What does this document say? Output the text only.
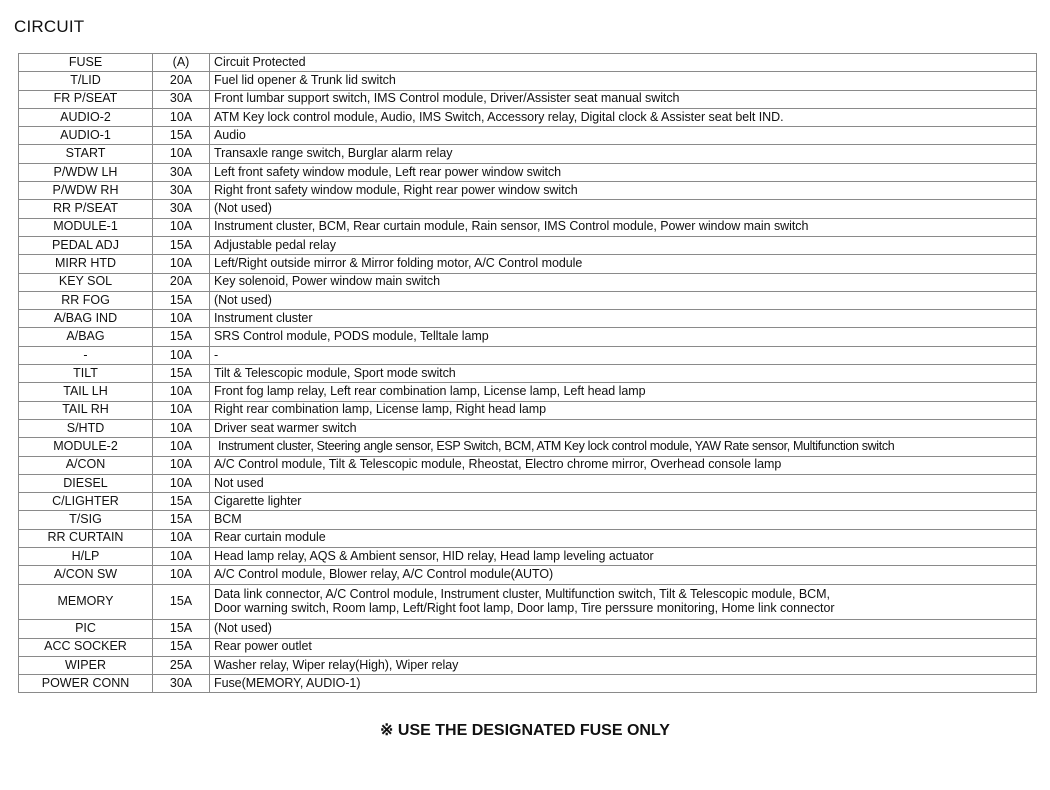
CIRCUIT
FUSE	(A)	Circuit Protected
T/LID	20A	Fuel lid opener & Trunk lid switch
FR P/SEAT	30A	Front lumbar support switch, IMS Control module, Driver/Assister seat manual switch
AUDIO-2	10A	ATM Key lock control module, Audio, IMS Switch, Accessory relay, Digital clock & Assister seat belt IND.
AUDIO-1	15A	Audio
START	10A	Transaxle range switch, Burglar alarm relay
P/WDW LH	30A	Left front safety window module, Left rear power window switch
P/WDW RH	30A	Right front safety window module, Right rear power window switch
RR P/SEAT	30A	(Not used)
MODULE-1	10A	Instrument cluster, BCM, Rear curtain module, Rain sensor, IMS Control module, Power window main switch
PEDAL ADJ	15A	Adjustable pedal relay
MIRR HTD	10A	Left/Right outside mirror & Mirror folding motor, A/C Control module
KEY SOL	20A	Key solenoid, Power window main switch
RR FOG	15A	(Not used)
A/BAG IND	10A	Instrument cluster
A/BAG	15A	SRS Control module, PODS module, Telltale lamp
-	10A	-
TILT	15A	Tilt & Telescopic module, Sport mode switch
TAIL LH	10A	Front fog lamp relay, Left rear combination lamp, License lamp, Left head lamp
TAIL RH	10A	Right rear combination lamp, License lamp, Right head lamp
S/HTD	10A	Driver seat warmer switch
MODULE-2	10A	Instrument cluster, Steering angle sensor, ESP Switch, BCM, ATM Key lock control module, YAW Rate sensor, Multifunction switch
A/CON	10A	A/C Control module, Tilt & Telescopic module, Rheostat, Electro chrome mirror, Overhead console lamp
DIESEL	10A	Not used
C/LIGHTER	15A	Cigarette lighter
T/SIG	15A	BCM
RR CURTAIN	10A	Rear curtain module
H/LP	10A	Head lamp relay, AQS & Ambient sensor, HID relay, Head lamp leveling actuator
A/CON SW	10A	A/C Control module, Blower relay, A/C Control module(AUTO)
MEMORY	15A	Data link connector, A/C Control module, Instrument cluster, Multifunction switch, Tilt & Telescopic module, BCM,
Door warning switch, Room lamp, Left/Right foot lamp, Door lamp, Tire perssure monitoring, Home link connector

PIC	15A	(Not used)
ACC SOCKER	15A	Rear power outlet
WIPER	25A	Washer relay, Wiper relay(High), Wiper relay
POWER CONN	30A	Fuse(MEMORY, AUDIO-1)
※ USE THE DESIGNATED FUSE ONLY
